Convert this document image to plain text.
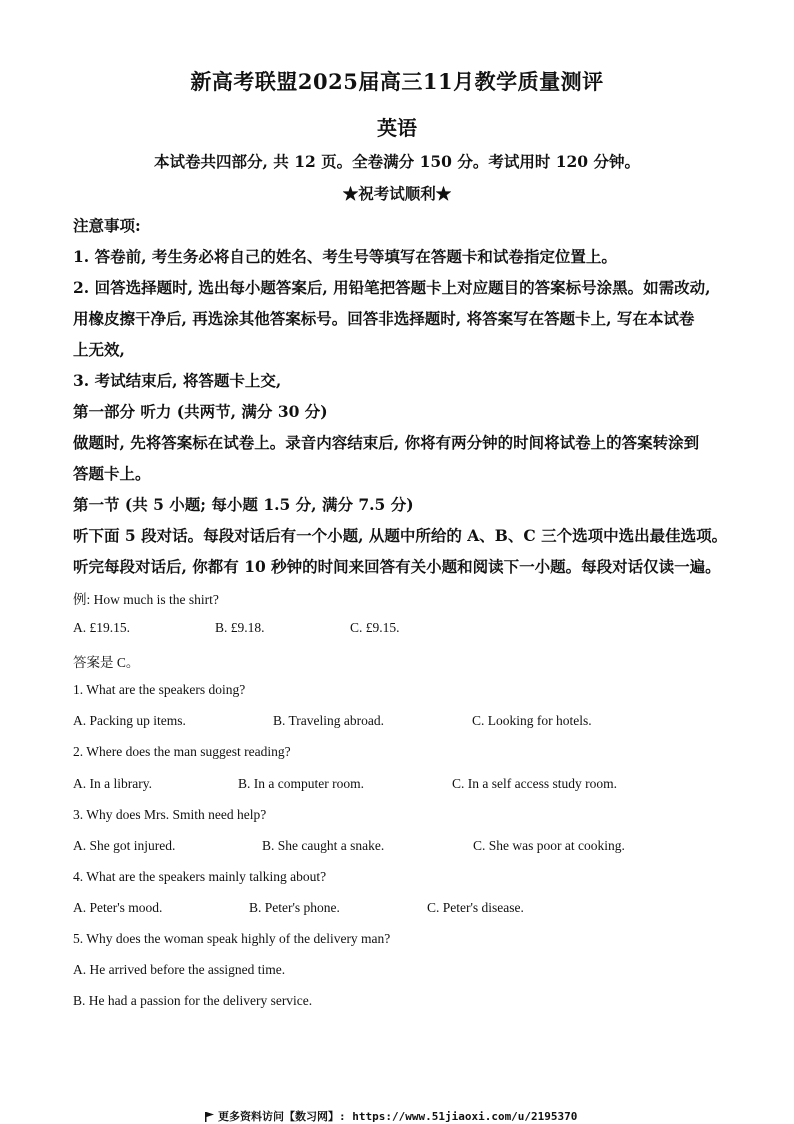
新高考联盟2025届高三11月教学质量测评
英语
本试卷共四部分, 共 12 页。全卷满分 150 分。考试用时 120 分钟。
★祝考试顺利★
注意事项:
1. 答卷前, 考生务必将自己的姓名、考生号等填写在答题卡和试卷指定位置上。
2. 回答选择题时, 选出每小题答案后, 用铅笔把答题卡上对应题目的答案标号涂黑。如需改动,
用橡皮擦干净后, 再选涂其他答案标号。回答非选择题时, 将答案写在答题卡上, 写在本试卷
上无效,
3. 考试结束后, 将答题卡上交,
第一部分 听力 (共两节, 满分 30 分)
做题时, 先将答案标在试卷上。录音内容结束后, 你将有两分钟的时间将试卷上的答案转涂到
答题卡上。
第一节 (共 5 小题; 每小题 1.5 分, 满分 7.5 分)
听下面 5 段对话。每段对话后有一个小题, 从题中所给的 A、B、C 三个选项中选出最佳选项。
听完每段对话后, 你都有 10 秒钟的时间来回答有关小题和阅读下一小题。每段对话仅读一遍。
例: How much is the shirt?
A. £19.15.	B. £9.18.	C. £9.15.
答案是 C。
1. What are the speakers doing?
A. Packing up items.	B. Traveling abroad.	C. Looking for hotels.
2. Where does the man suggest reading?
A. In a library.	B. In a computer room.	C. In a self access study room.
3. Why does Mrs. Smith need help?
A. She got injured.	B. She caught a snake.	C. She was poor at cooking.
4. What are the speakers mainly talking about?
A. Peter's mood.	B. Peter's phone.	C. Peter's disease.
5. Why does the woman speak highly of the delivery man?
A. He arrived before the assigned time.
B. He had a passion for the delivery service.
更多资料访问【数习网】: https://www.51jiaoxi.com/u/2195370
